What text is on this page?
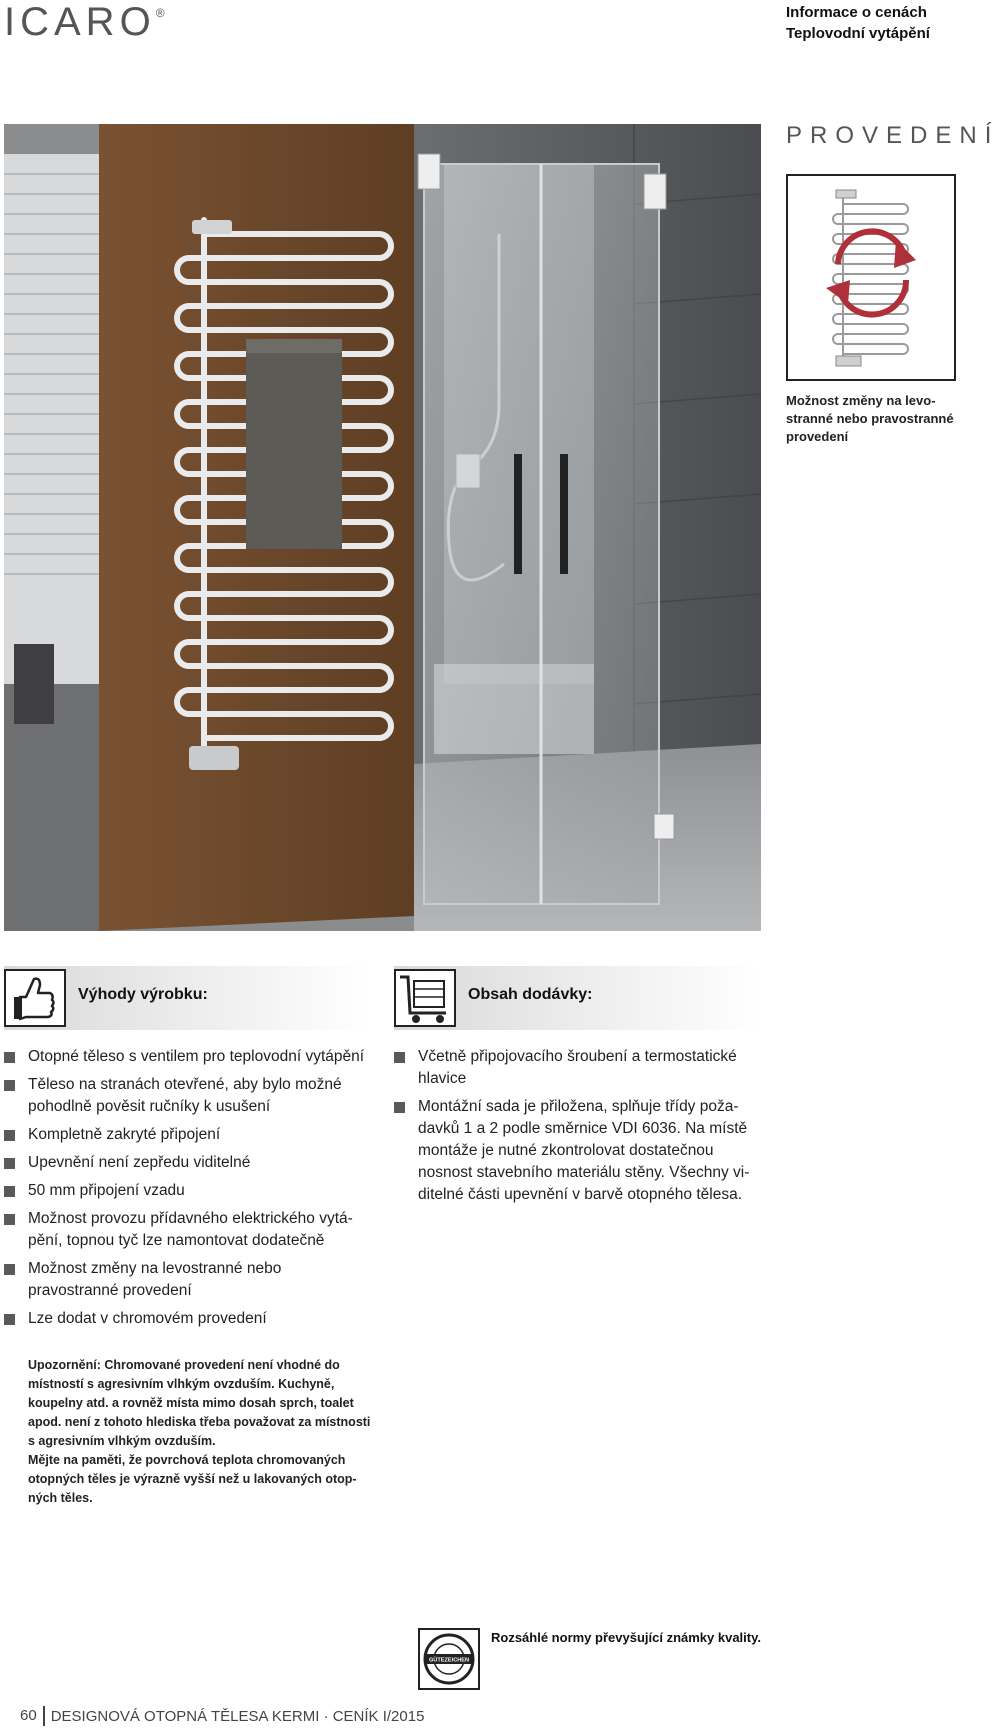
ICARO®	Informace o cenách
Teplovodní vytápění
PROVEDENÍ
Možnost změny na levostranné nebo pravostranné provedení
Výhody výrobku:
Otopné těleso s ventilem pro teplovodní vytápění
Těleso na stranách otevřené, aby bylo možné pohodlně pověsit ručníky k usušení
Kompletně zakryté připojení
Upevnění není zepředu viditelné
50 mm připojení vzadu
Možnost provozu přídavného elektrického vytápění, topnou tyč lze namontovat dodatečně
Možnost změny na levostranné nebo pravostranné provedení
Lze dodat v chromovém provedení
Upozornění: Chromované provedení není vhodné do místností s agresivním vlhkým ovzduším. Kuchyně, koupelny atd. a rovněž místa mimo dosah sprch, toalet apod. není z tohoto hlediska třeba považovat za místnosti s agresivním vlhkým ovzduším.
Mějte na paměti, že povrchová teplota chromovaných otopných těles je výrazně vyšší než u lakovaných otopných těles.
Obsah dodávky:
Včetně připojovacího šroubení a termostatické hlavice
Montážní sada je přiložena, splňuje třídy požadavků 1 a 2 podle směrnice VDI 6036. Na místě montáže je nutné zkontrolovat dostatečnou nosnost stavebního materiálu stěny. Všechny viditelné části upevnění v barvě otopného tělesa.
GÜTEZEICHEN
Rozsáhlé normy převyšující známky kvality.
60 DESIGNOVÁ OTOPNÁ TĚLESA KERMI · CENÍK I/2015
